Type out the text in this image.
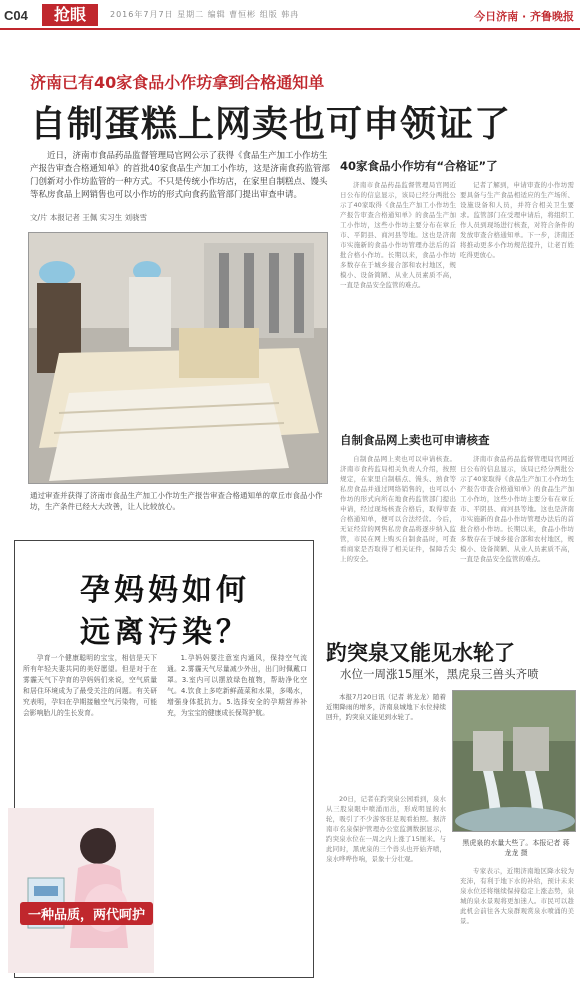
C04	抢眼	2016年7月7日 星期二 编辑 曹恒彬 组版 韩冉	今日济南 · 齐鲁晚报
济南已有40家食品小作坊拿到合格通知单
自制蛋糕上网卖也可申领证了
近日，济南市食品药品监督管理局官网公示了获得《食品生产加工小作坊生产报告审查合格通知单》的首批40家食品生产加工小作坊，这是济南食药监管部门创新对小作坊监管的一种方式。不只是传统小作坊店，在家里自制糕点、馒头等私房食品上网销售也可以小作坊的形式向食药监管部门提出审查申请。
文/片 本报记者 王佩 实习生 刘骁雪
通过审查并获得了济南市食品生产加工小作坊生产报告审查合格通知单的章丘市食品小作坊，生产条件已经大大改善，让人比较放心。
40家食品小作坊有“合格证”了
济南市食品药品监督管理局官网近日公布的信息显示，该局已经分两批公示了40家取得《食品生产加工小作坊生产报告审查合格通知单》的食品生产加工小作坊，这些小作坊主要分布在章丘市、平阴县、商河县等地。这也是济南市实施新的食品小作坊管理办法后的首批合格小作坊。长期以来，食品小作坊多数存在于城乡接合部和农村地区，规模小、设备简陋、从业人员素质不高，一直是食品安全监管的难点。
记者了解到，申请审查的小作坊需要具备与生产食品相适应的生产场所、设施设备和人员，并符合相关卫生要求。监管部门在受理申请后，将组织工作人员到现场进行核查，对符合条件的发放审查合格通知单。下一步，济南还将推动更多小作坊规范提升，让老百姓吃得更放心。
自制食品网上卖也可申请核查
自制食品网上卖也可以申请核查。济南市食药监局相关负责人介绍，按照规定，在家里自制糕点、馒头、熟食等私房食品并通过网络销售的，也可以小作坊的形式向所在地食药监管部门提出申请，经过现场核查合格后，取得审查合格通知单，便可以合法经营。今后，无证经营的网售私房食品将逐步纳入监管，市民在网上购买自制食品时，可查看商家是否取得了相关证件，保障舌尖上的安全。
济南市食品药品监督管理局官网近日公布的信息显示，该局已经分两批公示了40家取得《食品生产加工小作坊生产报告审查合格通知单》的食品生产加工小作坊，这些小作坊主要分布在章丘市、平阴县、商河县等地。这也是济南市实施新的食品小作坊管理办法后的首批合格小作坊。长期以来，食品小作坊多数存在于城乡接合部和农村地区，规模小、设备简陋、从业人员素质不高，一直是食品安全监管的难点。
孕妈妈如何
远离污染？
孕育一个健康聪明的宝宝，相信是天下所有年轻夫妻共同的美好愿望。但是对于在雾霾天气下孕育的孕妈妈们来说，空气质量和居住环境成为了最受关注的问题。有关研究表明，孕妇在孕期接触空气污染物，可能会影响胎儿的生长发育。
1.孕妈妈要注意室内通风，保持空气流通。2.雾霾天气尽量减少外出，出门时佩戴口罩。3.室内可以摆放绿色植物，帮助净化空气。4.饮食上多吃新鲜蔬菜和水果，多喝水，增强身体抵抗力。5.选择安全的孕期营养补充，为宝宝的健康成长保驾护航。
一种品质，两代呵护
趵突泉又能见水轮了
水位一周涨15厘米，黑虎泉三兽头齐喷
本报7月20日讯（记者 蒋龙龙）随着近期降雨的增多，济南泉城地下水位持续回升，趵突泉又能见到水轮了。
20日，记者在趵突泉公园看到，泉水从三股泉眼中喷涌而出，形成明显的水轮，吸引了不少游客驻足观看拍照。据济南市名泉保护管理办公室监测数据显示，趵突泉水位在一周之内上涨了15厘米。与此同时，黑虎泉的三个兽头也开始齐喷，泉水哗哗作响，景象十分壮观。
黑虎泉的水量大些了。本报记者 蒋龙龙 摄
专家表示，近期济南地区降水较为充沛，有利于地下水的补给，预计未来泉水位还将继续保持稳定上涨态势，泉城的泉水景观将更加迷人。市民可以趁此机会前往各大泉群观赏泉水喷涌的美景。
